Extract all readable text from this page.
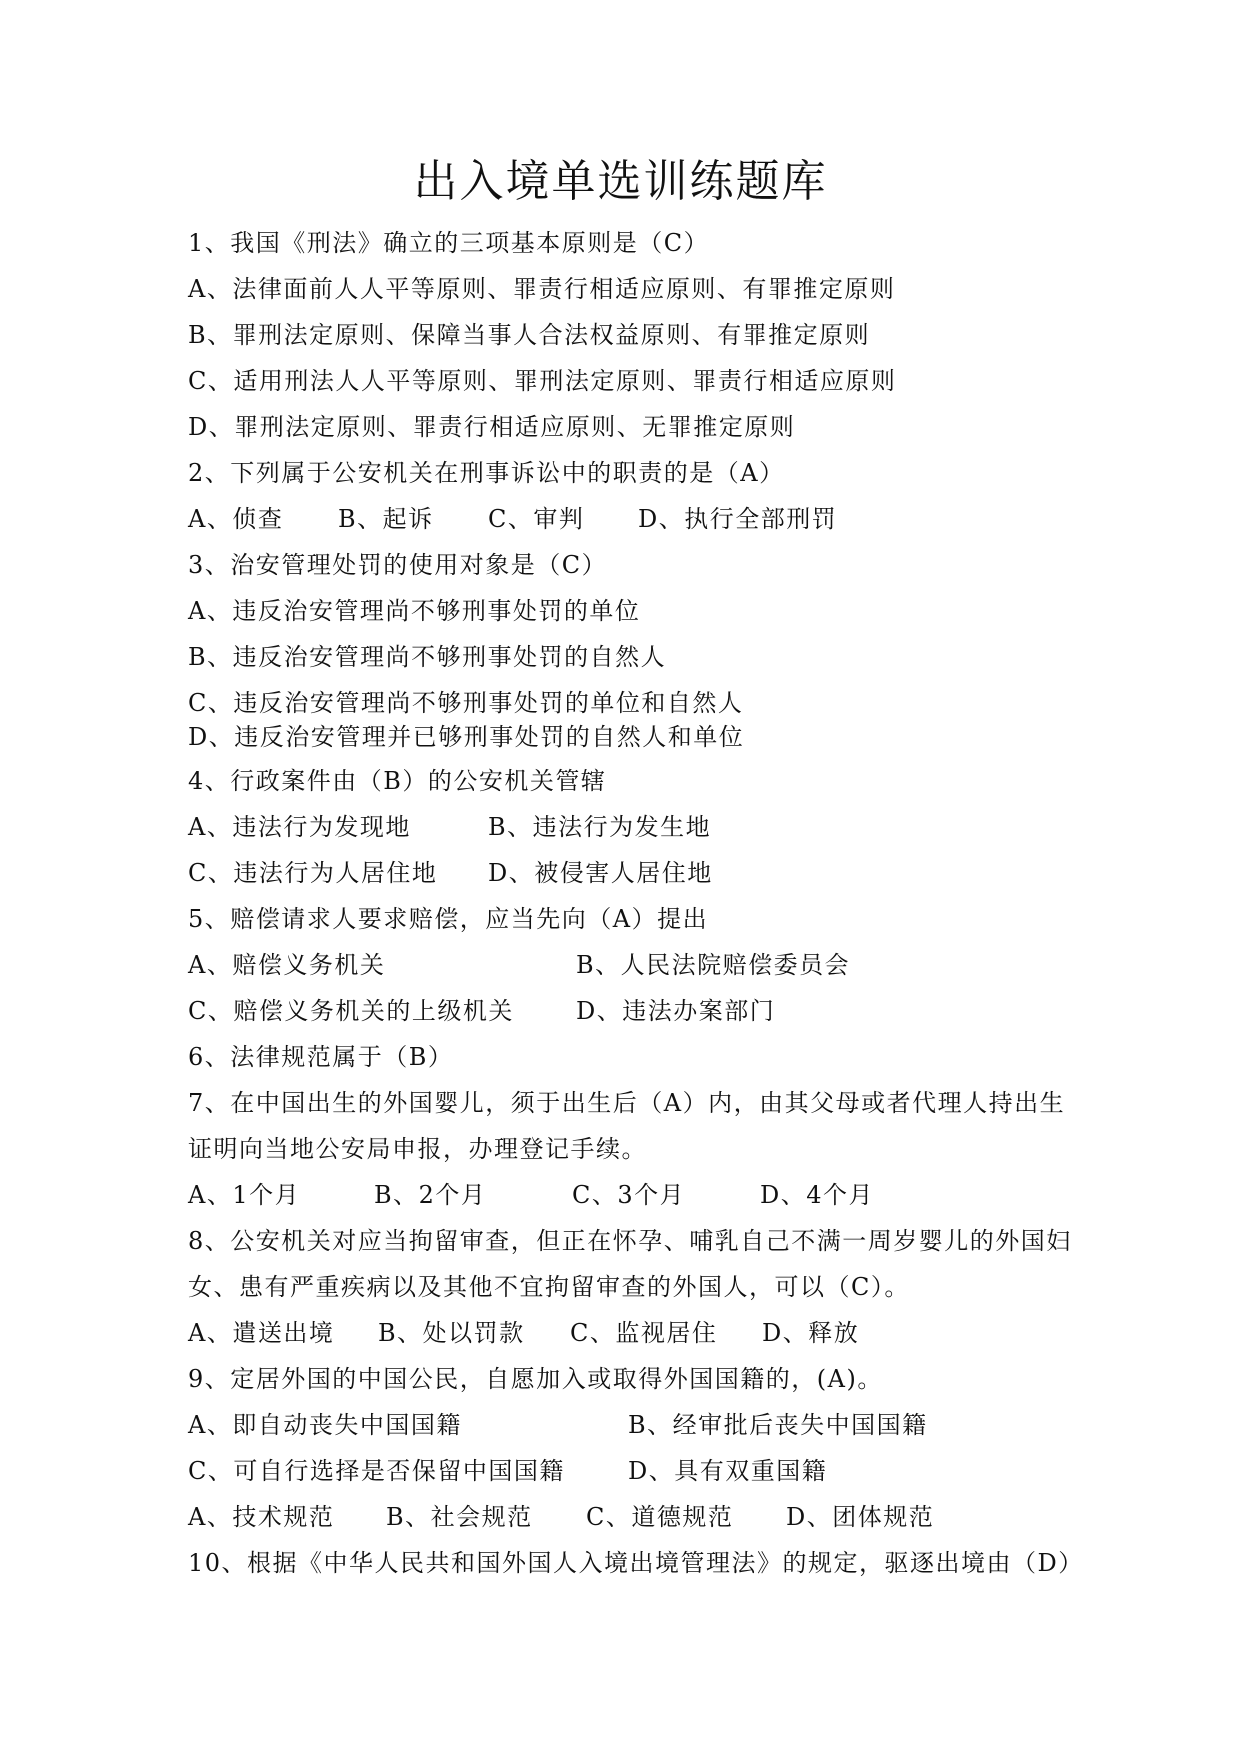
出入境单选训练题库
1、我国《刑法》确立的三项基本原则是（C）
A、法律面前人人平等原则、罪责行相适应原则、有罪推定原则
B、罪刑法定原则、保障当事人合法权益原则、有罪推定原则
C、适用刑法人人平等原则、罪刑法定原则、罪责行相适应原则
D、罪刑法定原则、罪责行相适应原则、无罪推定原则
2、下列属于公安机关在刑事诉讼中的职责的是（A）
A、侦查 B、起诉 C、审判 D、执行全部刑罚
3、治安管理处罚的使用对象是（C）
A、违反治安管理尚不够刑事处罚的单位
B、违反治安管理尚不够刑事处罚的自然人
C、违反治安管理尚不够刑事处罚的单位和自然人
D、违反治安管理并已够刑事处罚的自然人和单位
4、行政案件由（B）的公安机关管辖
A、违法行为发现地	B、违法行为发生地
C、违法行为人居住地 D、被侵害人居住地
5、赔偿请求人要求赔偿，应当先向（A）提出
A、赔偿义务机关	B、人民法院赔偿委员会
C、赔偿义务机关的上级机关	D、违法办案部门
6、法律规范属于（B）
7、在中国出生的外国婴儿，须于出生后（A）内，由其父母或者代理人持出生
证明向当地公安局申报，办理登记手续。
A、1个月	B、2个月	C、3个月	D、4个月
8、公安机关对应当拘留审查，但正在怀孕、哺乳自己不满一周岁婴儿的外国妇
女、患有严重疾病以及其他不宜拘留审查的外国人，可以（C）。
A、遣送出境 B、处以罚款 C、监视居住 D、释放
9、定居外国的中国公民，自愿加入或取得外国国籍的，(A)。
A、即自动丧失中国国籍	B、经审批后丧失中国国籍
C、可自行选择是否保留中国国籍	D、具有双重国籍
A、技术规范 B、社会规范 C、道德规范 D、团体规范
10、根据《中华人民共和国外国人入境出境管理法》的规定，驱逐出境由（D）
